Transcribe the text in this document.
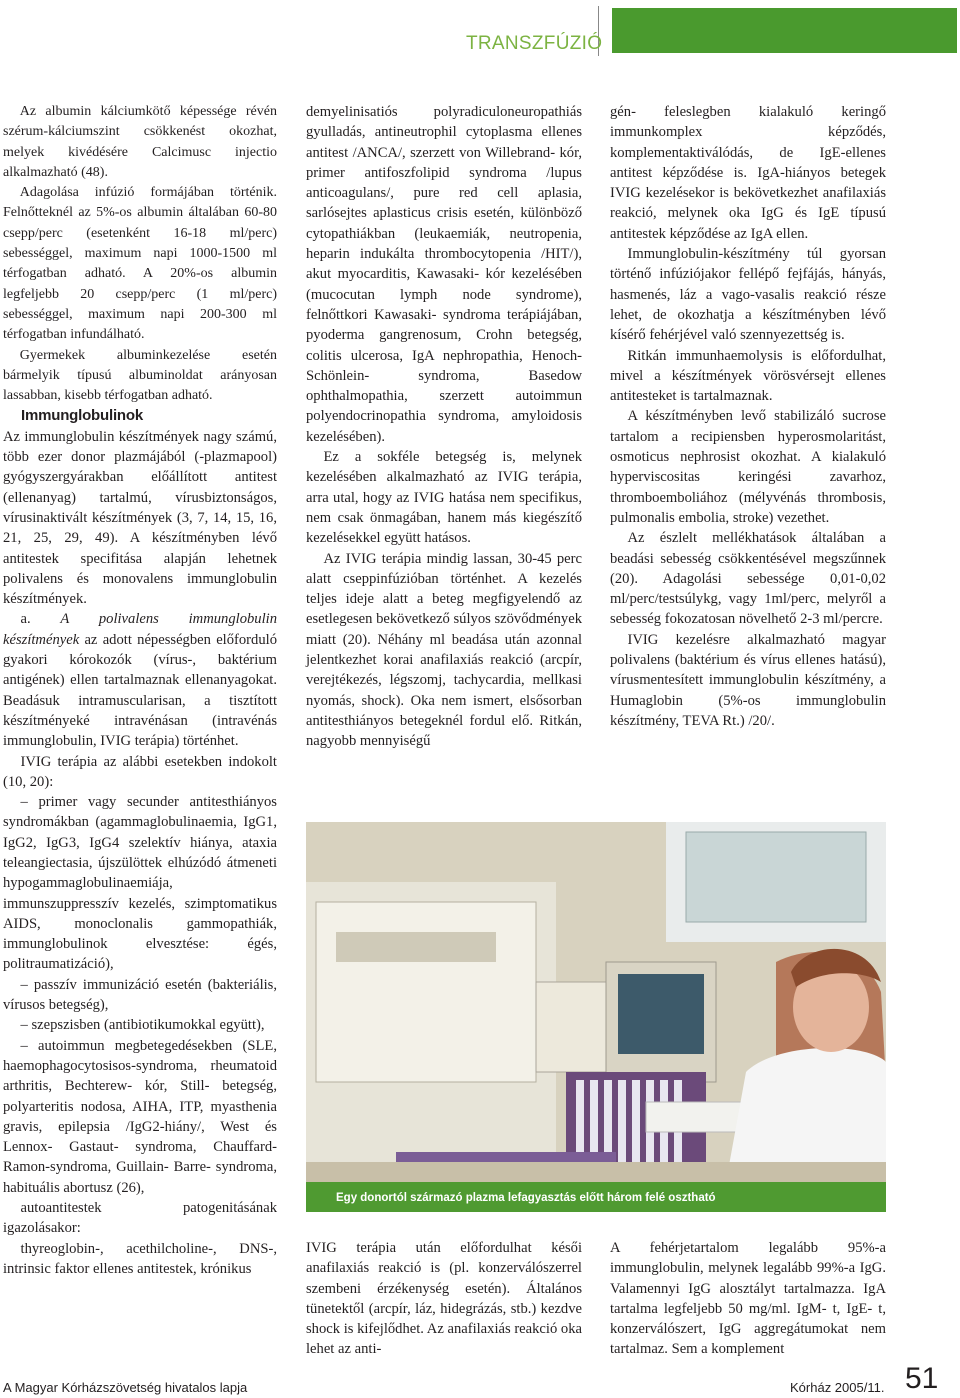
TRANSZFÚZIÓ

Az albumin kálciumkötő képessége révén szérum-kálciumszint csökkenést okozhat, melyek kivédésére Calcimusc injectio alkalmazható (48).

Adagolása infúzió formájában történik. Felnőtteknél az 5%-os albumin általában 60-80 csepp/perc (esetenként 16-18 ml/perc) sebességgel, maximum napi 1000-1500 ml térfogatban adható. A 20%-os albumin legfeljebb 20 csepp/perc (1 ml/perc) sebességgel, maximum napi 200-300 ml térfogatban infundálható.

Gyermekek albuminkezelése esetén bármelyik típusú albuminoldat arányosan lassabban, kisebb térfogatban adható.

Immunglobulinok

Az immunglobulin készítmények nagy számú, több ezer donor plazmájából (-plazmapool) gyógyszergyárakban előállított antitest (ellenanyag) tartalmú, vírusbiztonságos, vírusinaktivált készítmények (3, 7, 14, 15, 16, 21, 25, 29, 49). A készítményben lévő antitestek specifitása alapján lehetnek polivalens és monovalens immunglobulin készítmények.

a. A polivalens immunglobulin készítmények az adott népességben előforduló gyakori kórokozók (vírus-, baktérium antigének) ellen tartalmaznak ellenanyagokat. Beadásuk intramuscularisan, a tisztított készítményeké intravénásan (intravénás immunglobulin, IVIG terápia) történhet.

IVIG terápia az alábbi esetekben indokolt (10, 20):

– primer vagy secunder antitesthiányos syndromákban (agammaglobulinaemia, IgG1, IgG2, IgG3, IgG4 szelektív hiánya, ataxia teleangiectasia, újszülöttek elhúzódó átmeneti hypogammaglobulinaemiája, immunszuppresszív kezelés, szimptomatikus AIDS, monoclonalis gammopathiák, immunglobulinok elvesztése: égés, politraumatizáció),

– passzív immunizáció esetén (bakteriális, vírusos betegség),

– szepszisben (antibiotikumokkal együtt),

– autoimmun megbetegedésekben (SLE, haemophagocytosisos-syndroma, rheumatoid arthritis, Bechterew- kór, Still- betegség, polyarteritis nodosa, AIHA, ITP, myasthenia gravis, epilepsia /IgG2-hiány/, West és Lennox- Gastaut- syndroma, Chauffard-Ramon-syndroma, Guillain- Barre- syndroma, habituális abortusz (26),

autoantitestek patogenitásának igazolásakor:

thyreoglobin-, acethilcholine-, DNS-, intrinsic faktor ellenes antitestek, krónikus

demyelinisatiós polyradiculoneuropathiás gyulladás, antineutrophil cytoplasma ellenes antitest /ANCA/, szerzett von Willebrand- kór, primer antifoszfolipid syndroma /lupus anticoagulans/, pure red cell aplasia, sarlósejtes aplasticus crisis esetén, különböző cytopathiákban (leukaemiák, neutropenia, heparin indukálta thrombocytopenia /HIT/), akut myocarditis, Kawasaki- kór kezelésében (mucocutan lymph node syndrome), felnőttkori Kawasaki- syndroma terápiájában, pyoderma gangrenosum, Crohn betegség, colitis ulcerosa, IgA nephropathia, Henoch-Schönlein- syndroma, Basedow ophthalmopathia, szerzett autoimmun polyendocrinopathia syndroma, amyloidosis kezelésében).

Ez a sokféle betegség is, melynek kezelésében alkalmazható az IVIG terápia, arra utal, hogy az IVIG hatása nem specifikus, nem csak önmagában, hanem más kiegészítő kezelésekkel együtt hatásos.

Az IVIG terápia mindig lassan, 30-45 perc alatt cseppinfúzióban történhet. A kezelés teljes ideje alatt a beteg megfigyelendő az esetlegesen bekövetkező súlyos szövődmények miatt (20). Néhány ml beadása után azonnal jelentkezhet korai anafilaxiás reakció (arcpír, verejtékezés, légszomj, tachycardia, mellkasi nyomás, shock). Oka nem ismert, elsősorban antitesthiányos betegeknél fordul elő. Ritkán, nagyobb mennyiségű

gén- feleslegben kialakuló keringő immunkomplex képződés, komplementaktiválódás, de IgE-ellenes antitest képződése is. IgA-hiányos betegek IVIG kezelésekor is bekövetkezhet anafilaxiás reakció, melynek oka IgG és IgE típusú antitestek képződése az IgA ellen.

Immunglobulin-készítmény túl gyorsan történő infúziójakor fellépő fejfájás, hányás, hasmenés, láz a vago-vasalis reakció része lehet, de okozhatja a készítményben lévő kísérő fehérjével való szennyezettség is.

Ritkán immunhaemolysis is előfordulhat, mivel a készítmények vörösvérsejt ellenes antitesteket is tartalmaznak.

A készítményben levő stabilizáló sucrose tartalom a recipiensben hyperosmolaritást, osmoticus nephrosist okozhat. A kialakuló hyperviscositas keringési zavarhoz, thromboemboliához (mélyvénás thrombosis, pulmonalis embolia, stroke) vezethet.

Az észlelt mellékhatások általában a beadási sebesség csökkentésével megszűnnek (20). Adagolási sebessége 0,01-0,02 ml/perc/testsúlykg, vagy 1ml/perc, melyről a sebesség fokozatosan növelhető 2-3 ml/percre.

IVIG kezelésre alkalmazható magyar polivalens (baktérium és vírus ellenes hatású), vírusmentesített immunglobulin készítmény, a Humaglobin (5%-os immunglobulin készítmény, TEVA Rt.) /20/.

Egy donortól származó plazma lefagyasztás előtt három felé osztható

IVIG terápia után előfordulhat késői anafilaxiás reakció is (pl. konzerválószerrel szembeni érzékenység esetén). Általános tünetektől (arcpír, láz, hidegrázás, stb.) kezdve shock is kifejlődhet. Az anafilaxiás reakció oka lehet az anti-

A fehérjetartalom legalább 95%-a immunglobulin, melynek legalább 99%-a IgG. Valamennyi IgG alosztályt tartalmazza. IgA tartalma legfeljebb 50 mg/ml. IgM- t, IgE- t, konzerválószert, IgG aggregátumokat nem tartalmaz. Sem a komplement

A Magyar Kórházszövetség hivatalos lapja	Kórház 2005/11. 51
